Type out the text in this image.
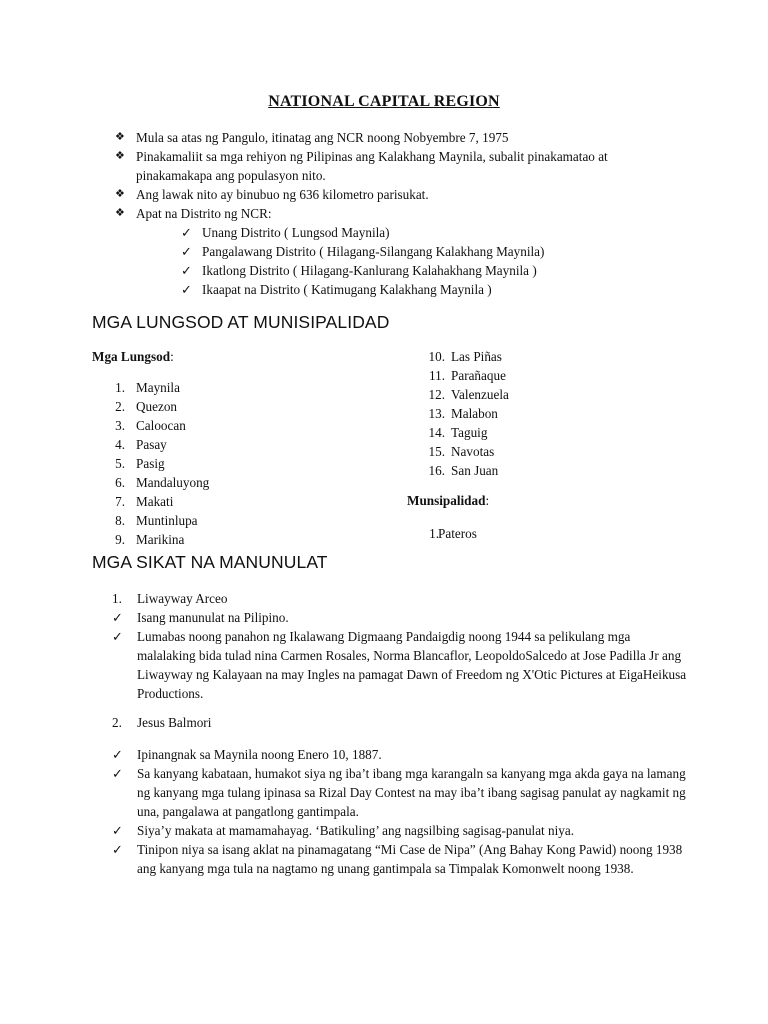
NATIONAL CAPITAL REGION
❖ Mula sa atas ng Pangulo, itinatag ang NCR noong Nobyembre 7, 1975
❖ Pinakamaliit sa mga rehiyon ng Pilipinas ang Kalakhang Maynila, subalit pinakamatao at pinakamakapa ang populasyon nito.
❖ Ang lawak nito ay binubuo ng 636 kilometro parisukat.
❖ Apat na Distrito ng NCR:
✓ Unang Distrito ( Lungsod Maynila)
✓ Pangalawang Distrito ( Hilagang-Silangang Kalakhang Maynila)
✓ Ikatlong Distrito ( Hilagang-Kanlurang Kalahakhang Maynila )
✓ Ikaapat na Distrito ( Katimugang Kalakhang Maynila )
MGA LUNGSOD AT MUNISIPALIDAD
Mga Lungsod:
1. Maynila
2. Quezon
3. Caloocan
4. Pasay
5. Pasig
6. Mandaluyong
7. Makati
8. Muntinlupa
9. Marikina
10. Las Piñas
11. Parañaque
12. Valenzuela
13. Malabon
14. Taguig
15. Navotas
16. San Juan
Munsipalidad:
1. Pateros
MGA SIKAT NA MANUNULAT
1. Liwayway Arceo
✓ Isang manunulat na Pilipino.
✓ Lumabas noong panahon ng Ikalawang Digmaang Pandaigdig noong 1944 sa pelikulang mga malalaking bida tulad nina Carmen Rosales, Norma Blancaflor, LeopoldoSalcedo at Jose Padilla Jr ang Liwayway ng Kalayaan na may Ingles na pamagat Dawn of Freedom ng X'Otic Pictures at EigaHeikusa Productions.
2. Jesus Balmori
✓ Ipinangnak sa Maynila noong Enero 10, 1887.
✓ Sa kanyang kabataan, humakot siya ng iba’t ibang mga karangaln sa kanyang mga akda gaya na lamang ng kanyang mga tulang ipinasa sa Rizal Day Contest na may iba’t ibang sagisag panulat ay nagkamit ng una, pangalawa at pangatlong gantimpala.
✓ Siya’y makata at mamamahayag. ‘Batikuling’ ang nagsilbing sagisag-panulat niya.
✓ Tinipon niya sa isang aklat na pinamagatang “Mi Case de Nipa” (Ang Bahay Kong Pawid) noong 1938 ang kanyang mga tula na nagtamo ng unang gantimpala sa Timpalak Komonwelt noong 1938.
